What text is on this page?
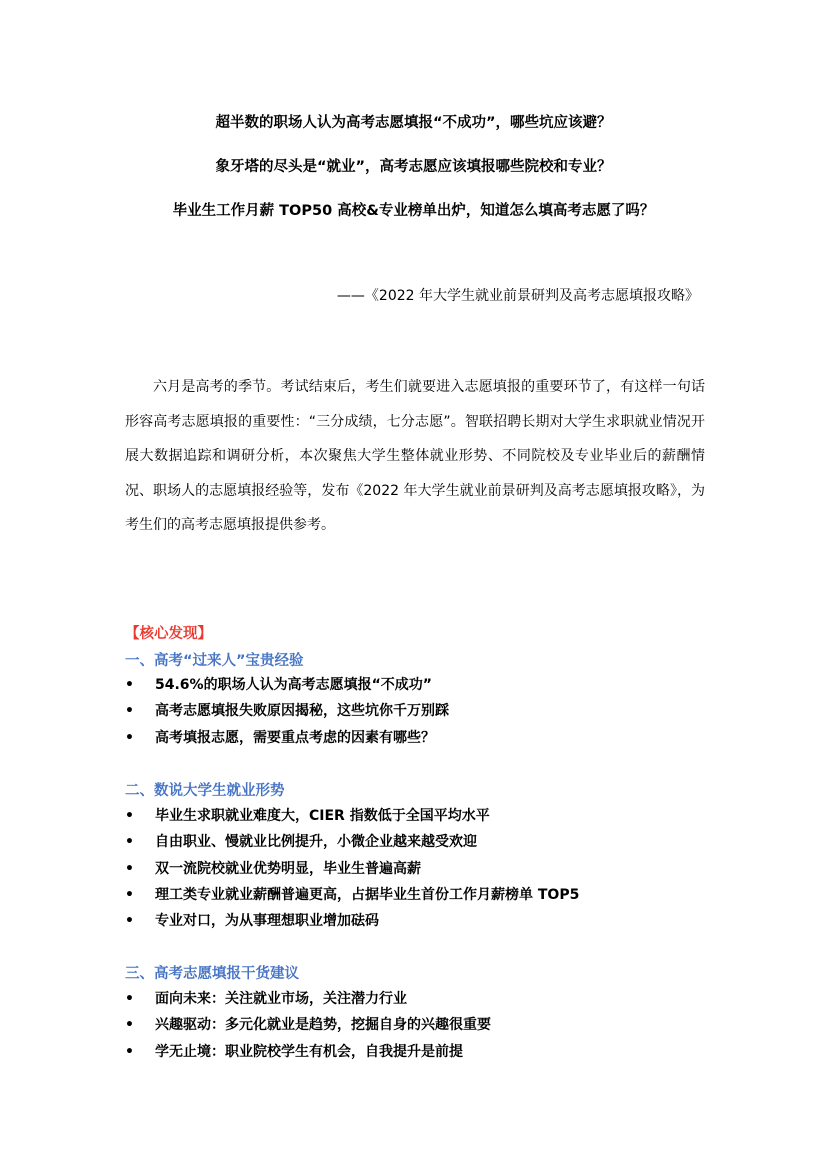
超半数的职场人认为高考志愿填报“不成功”，哪些坑应该避？
象牙塔的尽头是“就业”，高考志愿应该填报哪些院校和专业？
毕业生工作月薪 TOP50 高校&专业榜单出炉，知道怎么填高考志愿了吗？
——《2022 年大学生就业前景研判及高考志愿填报攻略》

六月是高考的季节。考试结束后，考生们就要进入志愿填报的重要环节了，有这样一句话形容高考志愿填报的重要性：“三分成绩，七分志愿”。智联招聘长期对大学生求职就业情况开展大数据追踪和调研分析，本次聚焦大学生整体就业形势、不同院校及专业毕业后的薪酬情况、职场人的志愿填报经验等，发布《2022 年大学生就业前景研判及高考志愿填报攻略》，为考生们的高考志愿填报提供参考。

【核心发现】
一、高考“过来人”宝贵经验
• 54.6%的职场人认为高考志愿填报“不成功”
• 高考志愿填报失败原因揭秘，这些坑你千万别踩
• 高考填报志愿，需要重点考虑的因素有哪些？
二、数说大学生就业形势
• 毕业生求职就业难度大，CIER 指数低于全国平均水平
• 自由职业、慢就业比例提升，小微企业越来越受欢迎
• 双一流院校就业优势明显，毕业生普遍高薪
• 理工类专业就业薪酬普遍更高，占据毕业生首份工作月薪榜单 TOP5
• 专业对口，为从事理想职业增加砝码
三、高考志愿填报干货建议
• 面向未来：关注就业市场，关注潜力行业
• 兴趣驱动：多元化就业是趋势，挖掘自身的兴趣很重要
• 学无止境：职业院校学生有机会，自我提升是前提
